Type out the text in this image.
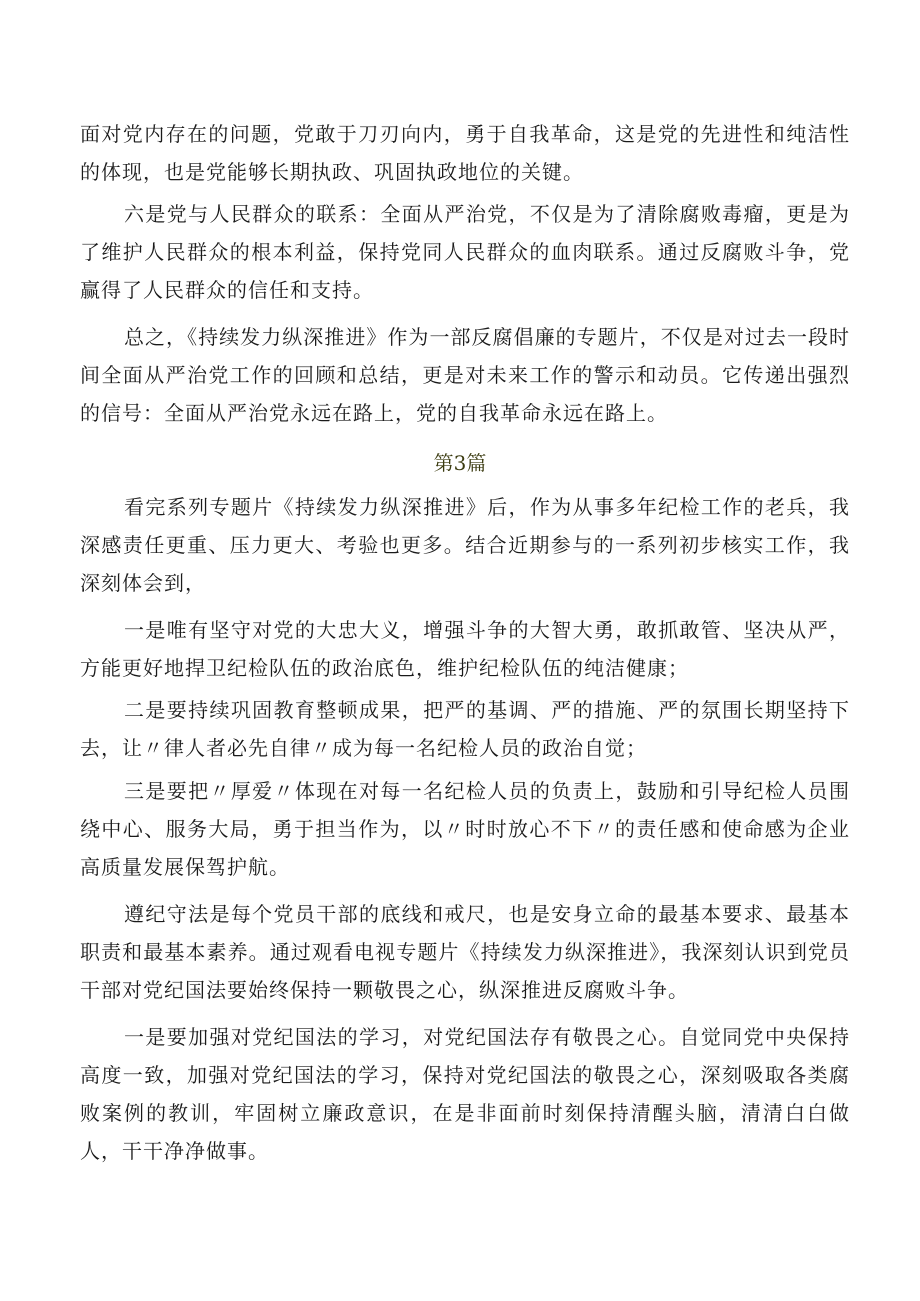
面对党内存在的问题，党敢于刀刃向内，勇于自我革命，这是党的先进性和纯洁性的体现，也是党能够长期执政、巩固执政地位的关键。

六是党与人民群众的联系：全面从严治党，不仅是为了清除腐败毒瘤，更是为了维护人民群众的根本利益，保持党同人民群众的血肉联系。通过反腐败斗争，党赢得了人民群众的信任和支持。

总之，《持续发力纵深推进》作为一部反腐倡廉的专题片，不仅是对过去一段时间全面从严治党工作的回顾和总结，更是对未来工作的警示和动员。它传递出强烈的信号：全面从严治党永远在路上，党的自我革命永远在路上。

第3篇

看完系列专题片《持续发力纵深推进》后，作为从事多年纪检工作的老兵，我深感责任更重、压力更大、考验也更多。结合近期参与的一系列初步核实工作，我深刻体会到，

一是唯有坚守对党的大忠大义，增强斗争的大智大勇，敢抓敢管、坚决从严，方能更好地捍卫纪检队伍的政治底色，维护纪检队伍的纯洁健康；

二是要持续巩固教育整顿成果，把严的基调、严的措施、严的氛围长期坚持下去，让〃律人者必先自律〃成为每一名纪检人员的政治自觉；

三是要把〃厚爱〃体现在对每一名纪检人员的负责上，鼓励和引导纪检人员围绕中心、服务大局，勇于担当作为，以〃时时放心不下〃的责任感和使命感为企业高质量发展保驾护航。

遵纪守法是每个党员干部的底线和戒尺，也是安身立命的最基本要求、最基本职责和最基本素养。通过观看电视专题片《持续发力纵深推进》，我深刻认识到党员干部对党纪国法要始终保持一颗敬畏之心，纵深推进反腐败斗争。

一是要加强对党纪国法的学习，对党纪国法存有敬畏之心。自觉同党中央保持高度一致，加强对党纪国法的学习，保持对党纪国法的敬畏之心，深刻吸取各类腐败案例的教训，牢固树立廉政意识，在是非面前时刻保持清醒头脑，清清白白做人，干干净净做事。
